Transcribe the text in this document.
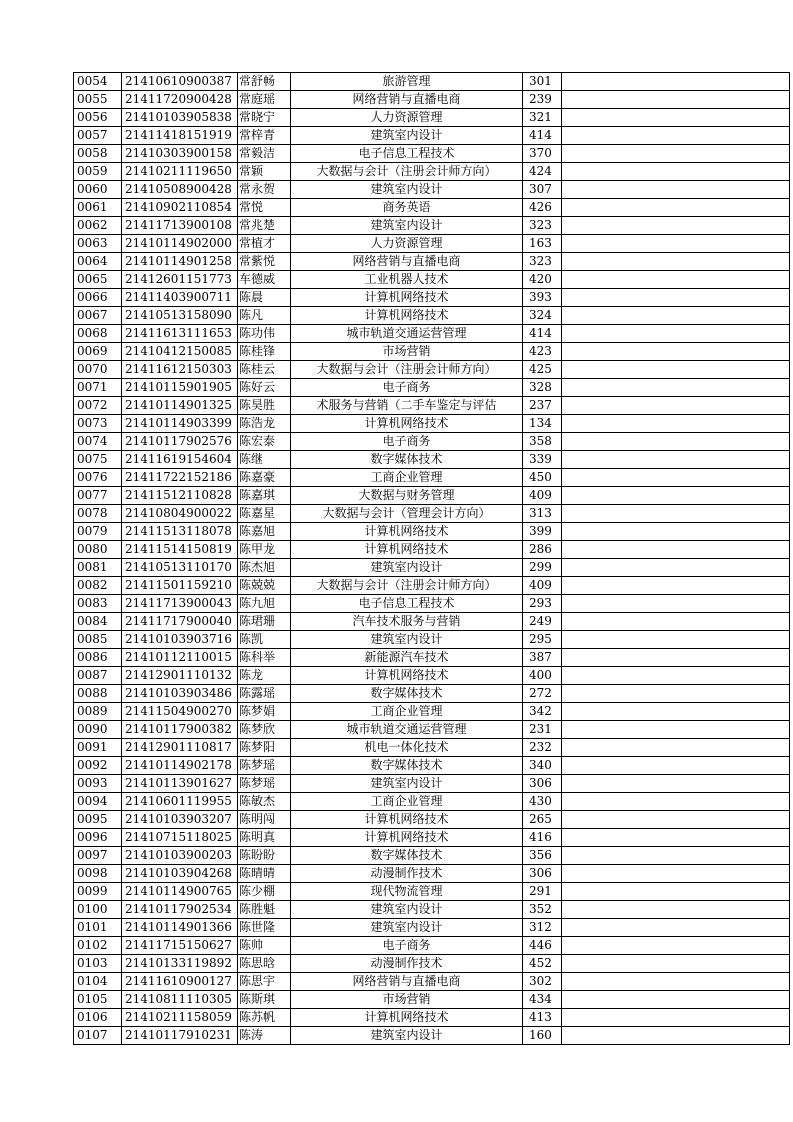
0054	21410610900387	常舒畅	旅游管理	301	
0055	21411720900428	常庭瑶	网络营销与直播电商	239	
0056	21410103905838	常晓宁	人力资源管理	321	
0057	21411418151919	常梓青	建筑室内设计	414	
0058	21410303900158	常毅洁	电子信息工程技术	370	
0059	21410211119650	常颖	大数据与会计（注册会计师方向）	424	
0060	21410508900428	常永贺	建筑室内设计	307	
0061	21410902110854	常悦	商务英语	426	
0062	21411713900108	常兆楚	建筑室内设计	323	
0063	21410114902000	常植才	人力资源管理	163	
0064	21410114901258	常紫悦	网络营销与直播电商	323	
0065	21412601151773	车德威	工业机器人技术	420	
0066	21411403900711	陈晨	计算机网络技术	393	
0067	21410513158090	陈凡	计算机网络技术	324	
0068	21411613111653	陈功伟	城市轨道交通运营管理	414	
0069	21410412150085	陈桂锋	市场营销	423	
0070	21411612150303	陈桂云	大数据与会计（注册会计师方向）	425	
0071	21410115901905	陈好云	电子商务	328	
0072	21410114901325	陈昊胜	术服务与营销（二手车鉴定与评估	237	
0073	21410114903399	陈浩龙	计算机网络技术	134	
0074	21410117902576	陈宏泰	电子商务	358	
0075	21411619154604	陈继	数字媒体技术	339	
0076	21411722152186	陈嘉豪	工商企业管理	450	
0077	21411512110828	陈嘉琪	大数据与财务管理	409	
0078	21410804900022	陈嘉星	大数据与会计（管理会计方向）	313	
0079	21411513118078	陈嘉旭	计算机网络技术	399	
0080	21411514150819	陈甲龙	计算机网络技术	286	
0081	21410513110170	陈杰旭	建筑室内设计	299	
0082	21411501159210	陈兢兢	大数据与会计（注册会计师方向）	409	
0083	21411713900043	陈九旭	电子信息工程技术	293	
0084	21411717900040	陈珺珊	汽车技术服务与营销	249	
0085	21410103903716	陈凯	建筑室内设计	295	
0086	21410112110015	陈科举	新能源汽车技术	387	
0087	21412901110132	陈龙	计算机网络技术	400	
0088	21410103903486	陈露瑶	数字媒体技术	272	
0089	21411504900270	陈梦娟	工商企业管理	342	
0090	21410117900382	陈梦欣	城市轨道交通运营管理	231	
0091	21412901110817	陈梦阳	机电一体化技术	232	
0092	21410114902178	陈梦瑶	数字媒体技术	340	
0093	21410113901627	陈梦瑶	建筑室内设计	306	
0094	21410601119955	陈敏杰	工商企业管理	430	
0095	21410103903207	陈明闯	计算机网络技术	265	
0096	21410715118025	陈明真	计算机网络技术	416	
0097	21410103900203	陈盼盼	数字媒体技术	356	
0098	21410103904268	陈晴晴	动漫制作技术	306	
0099	21410114900765	陈少棚	现代物流管理	291	
0100	21410117902534	陈胜魁	建筑室内设计	352	
0101	21410114901366	陈世隆	建筑室内设计	312	
0102	21411715150627	陈帅	电子商务	446	
0103	21410133119892	陈思晗	动漫制作技术	452	
0104	21411610900127	陈思宇	网络营销与直播电商	302	
0105	21410811110305	陈斯琪	市场营销	434	
0106	21410211158059	陈苏帆	计算机网络技术	413	
0107	21410117910231	陈涛	建筑室内设计	160	
